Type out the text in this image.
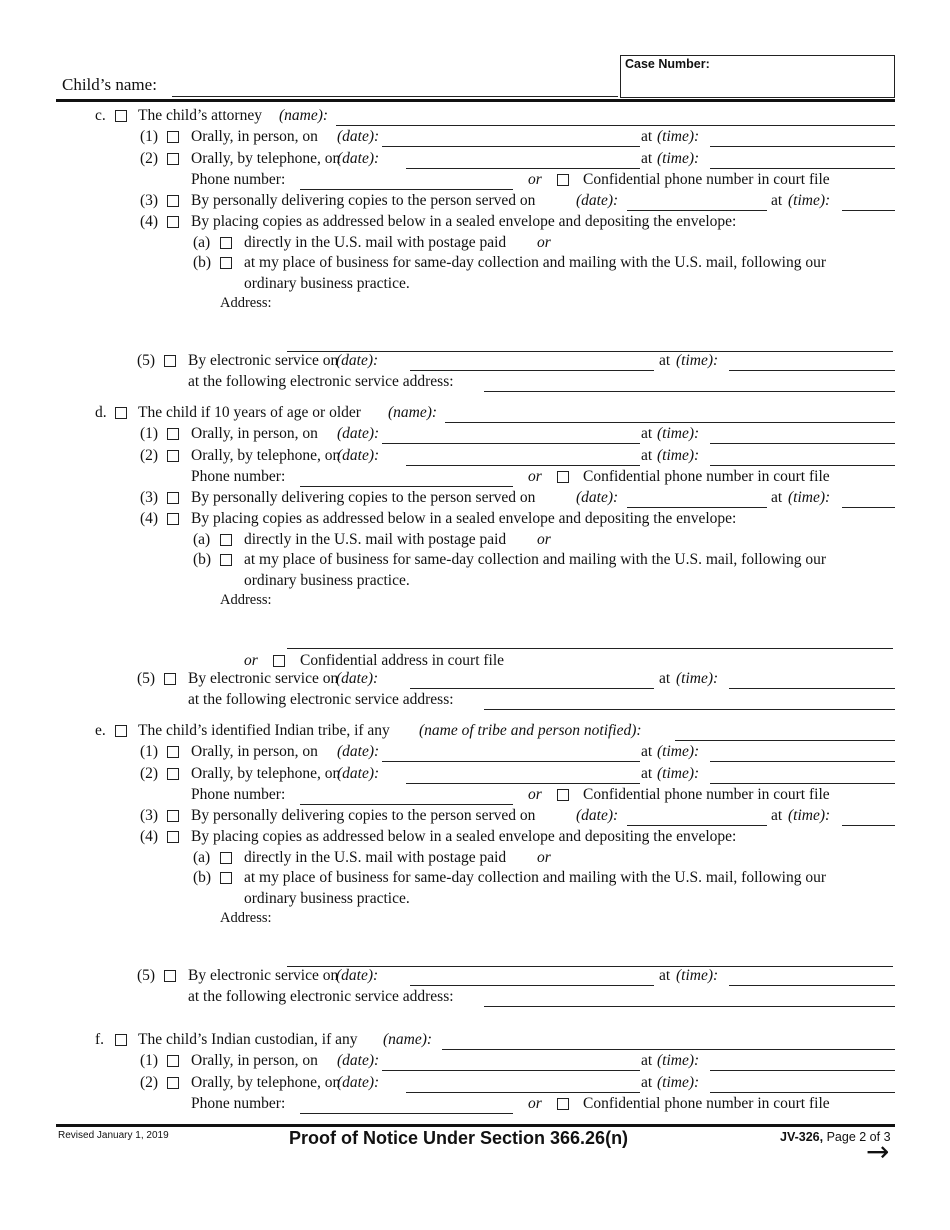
Child’s name:
Case Number:
c. The child’s attorney (name):
(1) Orally, in person, on (date):	at (time):
(2) Orally, by telephone, on
(date):	at (time):
Phone number:	or	Confidential phone number in court file
(3) By personally delivering copies to the person served on	(date):	at (time):
(4) By placing copies as addressed below in a sealed envelope and depositing the envelope:
(a) directly in the U.S. mail with postage paid or
(b) at my place of business for same-day collection and mailing with the U.S. mail, following our
ordinary business practice.
Address:
(5) By electronic service on
(date):	at (time):
at the following electronic service address:
d. The child if 10 years of age or older (name):
(1) Orally, in person, on (date):	at (time):
(2) Orally, by telephone, on
(date):	at (time):
Phone number:	or	Confidential phone number in court file
(3) By personally delivering copies to the person served on	(date):	at (time):
(4) By placing copies as addressed below in a sealed envelope and depositing the envelope:
(a) directly in the U.S. mail with postage paid or
(b) at my place of business for same-day collection and mailing with the U.S. mail, following our
ordinary business practice.
Address:
or	Confidential address in court file
(5) By electronic service on
(date):	at (time):
at the following electronic service address:
e. The child’s identified Indian tribe, if any (name of tribe and person notified):
(1) Orally, in person, on (date):	at (time):
(2) Orally, by telephone, on
(date):	at (time):
Phone number:	or	Confidential phone number in court file
(3) By personally delivering copies to the person served on	(date):	at (time):
(4) By placing copies as addressed below in a sealed envelope and depositing the envelope:
(a) directly in the U.S. mail with postage paid or
(b) at my place of business for same-day collection and mailing with the U.S. mail, following our
ordinary business practice.
Address:
(5) By electronic service on
(date):	at (time):
at the following electronic service address:
f. The child’s Indian custodian, if any (name):
(1) Orally, in person, on (date):	at (time):
(2) Orally, by telephone, on
(date):	at (time):
Phone number:	or	Confidential phone number in court file
Revised January 1, 2019	Proof of Notice Under Section 366.26(n)	JV-326, Page 2 of 3
→
